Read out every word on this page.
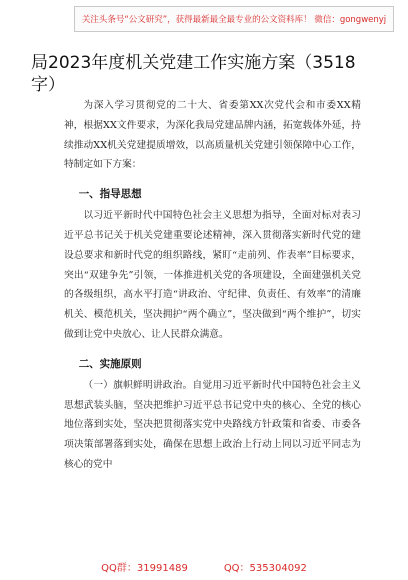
关注头条号“公文研究”，获得最新最全最专业的公文资料库！ 微信：gongwenyj
局2023年度机关党建工作实施方案（3518字）

为深入学习贯彻党的二十大、省委第XX次党代会和市委XX精神，根据XX文件要求，为深化我局党建品牌内涵，拓宽载体外延，持续推动XX机关党建提质增效，以高质量机关党建引领保障中心工作，特制定如下方案：

一、指导思想

以习近平新时代中国特色社会主义思想为指导，全面对标对表习近平总书记关于机关党建重要论述精神，深入贯彻落实新时代党的建设总要求和新时代党的组织路线，紧盯“走前列、作表率”目标要求，突出“双建争先”引领，一体推进机关党的各项建设，全面建强机关党的各级组织，高水平打造“讲政治、守纪律、负责任、有效率”的清廉机关、模范机关，坚决拥护“两个确立”，坚决做到“两个维护”，切实做到让党中央放心、让人民群众满意。

二、实施原则

（一）旗帜鲜明讲政治。自觉用习近平新时代中国特色社会主义思想武装头脑，坚决把维护习近平总书记党中央的核心、全党的核心地位落到实处，坚决把贯彻落实党中央路线方针政策和省委、市委各项决策部署落到实处，确保在思想上政治上行动上同以习近平同志为核心的党中

QQ群：31991489	QQ：535304092
